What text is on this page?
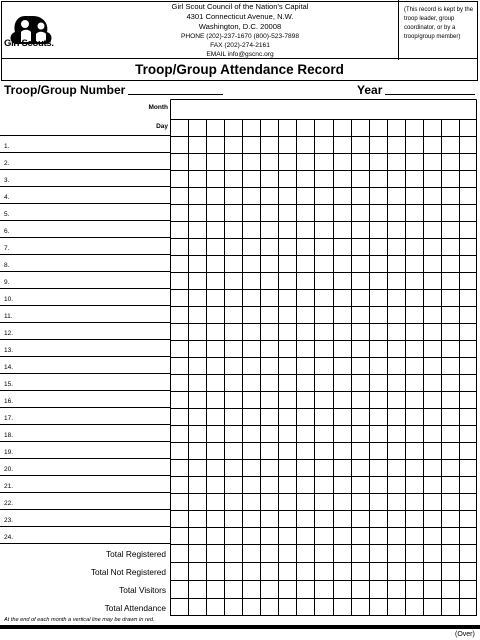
Girl Scouts.
Girl Scout Council of the Nation's Capital
4301 Connecticut Avenue, N.W.
Washington, D.C. 20008
PHONE (202)-237-1670 (800)-523-7898
FAX (202)-274-2161
EMAIL info@gscnc.org
(This record is kept by the troop leader, group coordinator, or by a troop/group member)
Troop/Group Attendance Record
Troop/Group Number	Year
Month
Day
1.
2.
3.
4.
5.
6.
7.
8.
9.
10.
11.
12.
13.
14.
15.
16.
17.
18.
19.
20.
21.
22.
23.
24.
Total Registered
Total Not Registered
Total Visitors
Total Attendance
At the end of each month a vertical line may be drawn in red.
(Over)
